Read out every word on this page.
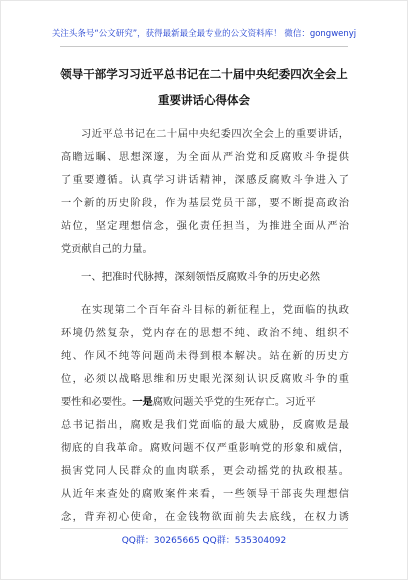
关注头条号“公文研究”，获得最新最全最专业的公文资料库！ 微信：gongwenyj
领导干部学习习近平总书记在二十届中央纪委四次全会上
重要讲话心得体会
习近平总书记在二十届中央纪委四次全会上的重要讲话，
高瞻远瞩、思想深邃，为全面从严治党和反腐败斗争提供
了重要遵循。认真学习讲话精神，深感反腐败斗争进入了
一个新的历史阶段，作为基层党员干部，要不断提高政治
站位，坚定理想信念，强化责任担当，为推进全面从严治
党贡献自己的力量。
一、把准时代脉搏，深刻领悟反腐败斗争的历史必然
在实现第二个百年奋斗目标的新征程上，党面临的执政
环境仍然复杂，党内存在的思想不纯、政治不纯、组织不
纯、作风不纯等问题尚未得到根本解决。站在新的历史方
位，必须以战略思维和历史眼光深刻认识反腐败斗争的重
要性和必要性。一是腐败问题关乎党的生死存亡。习近平
总书记指出，腐败是我们党面临的最大威胁，反腐败是最
彻底的自我革命。腐败问题不仅严重影响党的形象和威信，
损害党同人民群众的血肉联系，更会动摇党的执政根基。
从近年来查处的腐败案件来看，一些领导干部丧失理想信
念，背弃初心使命，在金钱物欲面前失去底线，在权力诱
QQ群：30265665 QQ群：535304092
